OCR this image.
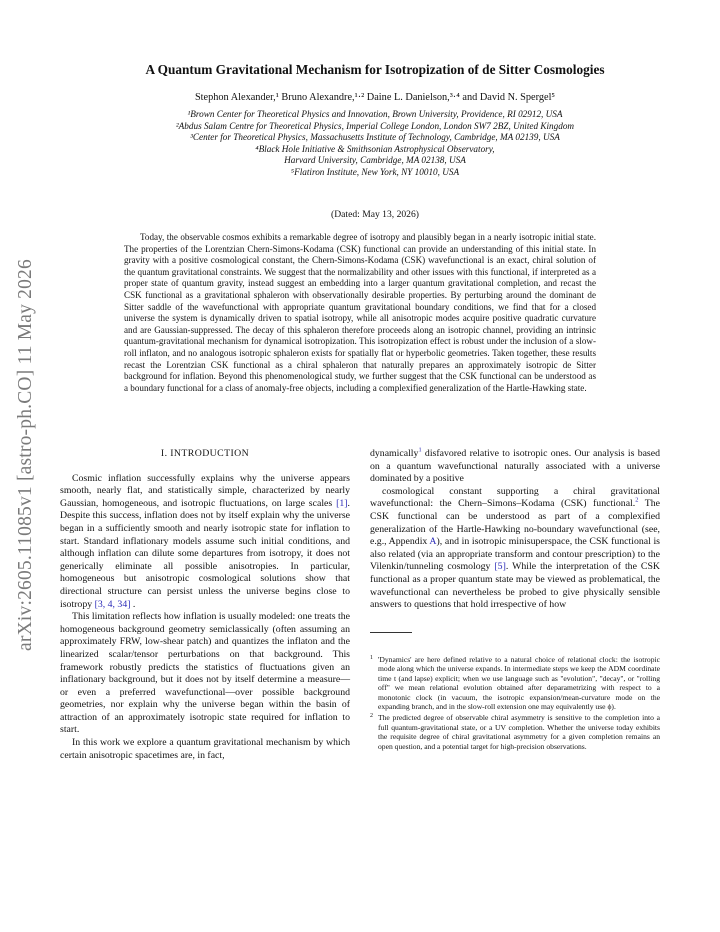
arXiv:2605.11085v1 [astro-ph.CO] 11 May 2026
A Quantum Gravitational Mechanism for Isotropization of de Sitter Cosmologies
Stephon Alexander,¹ Bruno Alexandre,¹·² Daine L. Danielson,³·⁴ and David N. Spergel⁵
¹Brown Center for Theoretical Physics and Innovation, Brown University, Providence, RI 02912, USA
²Abdus Salam Centre for Theoretical Physics, Imperial College London, London SW7 2BZ, United Kingdom
³Center for Theoretical Physics, Massachusetts Institute of Technology, Cambridge, MA 02139, USA
⁴Black Hole Initiative & Smithsonian Astrophysical Observatory,
Harvard University, Cambridge, MA 02138, USA
⁵Flatiron Institute, New York, NY 10010, USA
(Dated: May 13, 2026)
Today, the observable cosmos exhibits a remarkable degree of isotropy and plausibly began in a nearly isotropic initial state. The properties of the Lorentzian Chern-Simons-Kodama (CSK) functional can provide an understanding of this initial state. In gravity with a positive cosmological constant, the Chern-Simons-Kodama (CSK) wavefunctional is an exact, chiral solution of the quantum gravitational constraints. We suggest that the normalizability and other issues with this functional, if interpreted as a proper state of quantum gravity, instead suggest an embedding into a larger quantum gravitational completion, and recast the CSK functional as a gravitational sphaleron with observationally desirable properties. By perturbing around the dominant de Sitter saddle of the wavefunctional with appropriate quantum gravitational boundary conditions, we find that for a closed universe the system is dynamically driven to spatial isotropy, while all anisotropic modes acquire positive quadratic curvature and are Gaussian-suppressed. The decay of this sphaleron therefore proceeds along an isotropic channel, providing an intrinsic quantum-gravitational mechanism for dynamical isotropization. This isotropization effect is robust under the inclusion of a slow-roll inflaton, and no analogous isotropic sphaleron exists for spatially flat or hyperbolic geometries. Taken together, these results recast the Lorentzian CSK functional as a chiral sphaleron that naturally prepares an approximately isotropic de Sitter background for inflation. Beyond this phenomenological study, we further suggest that the CSK functional can be understood as a boundary functional for a class of anomaly-free objects, including a complexified generalization of the Hartle-Hawking state.
I. INTRODUCTION

Cosmic inflation successfully explains why the universe appears smooth, nearly flat, and statistically simple, characterized by nearly Gaussian, homogeneous, and isotropic fluctuations, on large scales [1]. Despite this success, inflation does not by itself explain why the universe began in a sufficiently smooth and nearly isotropic state for inflation to start. Standard inflationary models assume such initial conditions, and although inflation can dilute some departures from isotropy, it does not generically eliminate all possible anisotropies. In particular, homogeneous but anisotropic cosmological solutions show that directional structure can persist unless the universe begins close to isotropy [3, 4, 34] .

This limitation reflects how inflation is usually modeled: one treats the homogeneous background geometry semiclassically (often assuming an approximately FRW, low-shear patch) and quantizes the inflaton and the linearized scalar/tensor perturbations on that background. This framework robustly predicts the statistics of fluctuations given an inflationary background, but it does not by itself determine a measure—or even a preferred wavefunctional—over possible background geometries, nor explain why the universe began within the basin of attraction of an approximately isotropic state required for inflation to start.

In this work we explore a quantum gravitational mechanism by which certain anisotropic spacetimes are, in fact,

dynamically$^1$ disfavored relative to isotropic ones. Our analysis is based on a quantum wavefunctional naturally associated with a universe dominated by a positive

cosmological constant supporting a chiral gravitational wavefunctional: the Chern–Simons–Kodama (CSK) functional.$^2$ The CSK functional can be understood as part of a complexified generalization of the Hartle-Hawking no-boundary wavefunctional (see, e.g., Appendix A), and in isotropic minisuperspace, the CSK functional is also related (via an appropriate transform and contour prescription) to the Vilenkin/tunneling cosmology [5]. While the interpretation of the CSK functional as a proper quantum state may be viewed as problematical, the wavefunctional can nevertheless be probed to give physically sensible answers to questions that hold irrespective of how

1 'Dynamics' are here defined relative to a natural choice of relational clock: the isotropic mode along which the universe expands. In intermediate steps we keep the ADM coordinate time t (and lapse) explicit; when we use language such as "evolution", "decay", or "rolling off" we mean relational evolution obtained after deparametrizing with respect to a monotonic clock (in vacuum, the isotropic expansion/mean-curvature mode on the expanding branch, and in the slow-roll extension one may equivalently use ϕ).
2 The predicted degree of observable chiral asymmetry is sensitive to the completion into a full quantum-gravitational state, or a UV completion. Whether the universe today exhibits the requisite degree of chiral gravitational asymmetry for a given completion remains an open question, and a potential target for high-precision observations.
